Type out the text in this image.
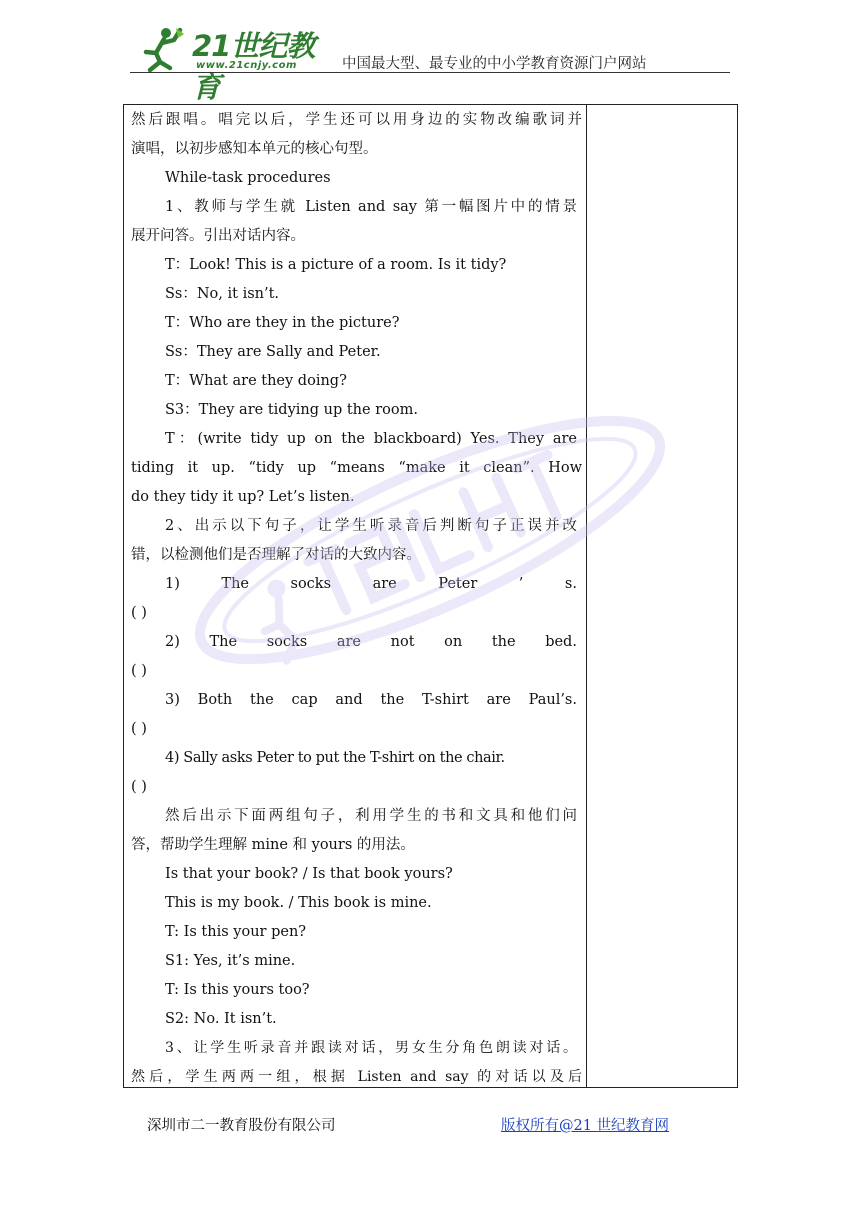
21世纪教育
www.21cnjy.com	中国最大型、最专业的中小学教育资源门户网站
然后跟唱。唱完以后，学生还可以用身边的实物改编歌词并
演唱，以初步感知本单元的核心句型。
While-task procedures
1、教师与学生就 Listen and say 第一幅图片中的情景
展开问答。引出对话内容。
T：Look! This is a picture of a room. Is it tidy?
Ss：No, it isn’t.
T：Who are they in the picture?
Ss：They are Sally and Peter.
T：What are they doing?
S3：They are tidying up the room.
T：(write tidy up on the blackboard) Yes. They are
tiding it up. “tidy up “means “make it clean”. How
do they tidy it up? Let’s listen.
2、出示以下句子，让学生听录音后判断句子正误并改
错，以检测他们是否理解了对话的大致内容。
1)	The	socks	are	Peter	’	s.
( )
2) The socks are not on the bed.
( )
3) Both the cap and the T-shirt are Paul’s.
( )
4) Sally asks Peter to put the T-shirt on the chair.
( )
然后出示下面两组句子，利用学生的书和文具和他们问
答，帮助学生理解 mine 和 yours 的用法。
Is that your book? / Is that book yours?
This is my book. / This book is mine.
T: Is this your pen?
S1: Yes, it’s mine.
T: Is this yours too?
S2: No. It isn’t.
3、让学生听录音并跟读对话，男女生分角色朗读对话。
然后，学生两两一组，根据 Listen and say 的对话以及后
深圳市二一教育股份有限公司	版权所有@21 世纪教育网
